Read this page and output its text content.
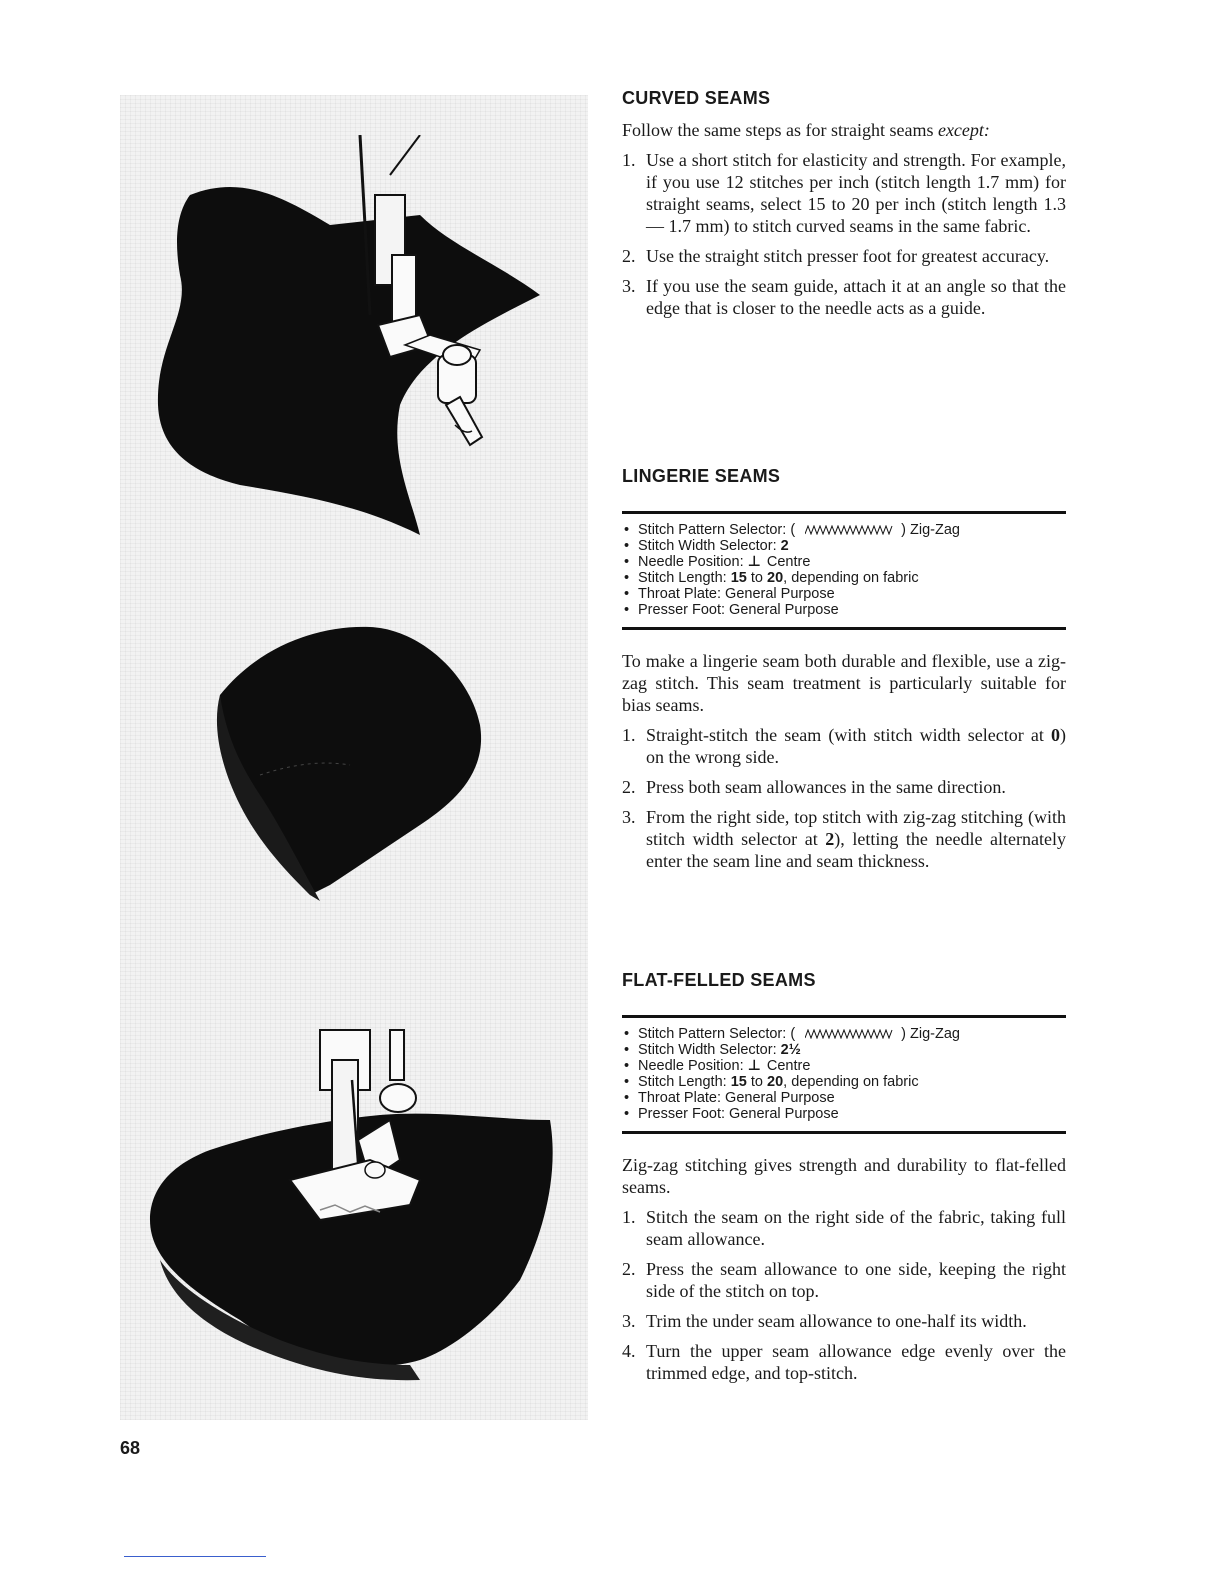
68
CURVED SEAMS

Follow the same steps as for straight seams except:

1. Use a short stitch for elasticity and strength. For example, if you use 12 stitches per inch (stitch length 1.7 mm) for straight seams, select 15 to 20 per inch (stitch length 1.3 — 1.7 mm) to stitch curved seams in the same fabric.
2. Use the straight stitch presser foot for greatest accuracy.
3. If you use the seam guide, attach it at an angle so that the edge that is closer to the needle acts as a guide.
LINGERIE SEAMS
• Stitch Pattern Selector: (	) Zig-Zag
• Stitch Width Selector: 2
• Needle Position: ⊥ Centre
• Stitch Length: 15 to 20, depending on fabric
• Throat Plate: General Purpose
• Presser Foot: General Purpose

To make a lingerie seam both durable and flexible, use a zig-zag stitch. This seam treatment is particularly suitable for bias seams.

1. Straight-stitch the seam (with stitch width selector at 0) on the wrong side.
2. Press both seam allowances in the same direction.
3. From the right side, top stitch with zig-zag stitching (with stitch width selector at 2), letting the needle alternately enter the seam line and seam thickness.
FLAT-FELLED SEAMS
• Stitch Pattern Selector: (	) Zig-Zag
• Stitch Width Selector: 2½
• Needle Position: ⊥ Centre
• Stitch Length: 15 to 20, depending on fabric
• Throat Plate: General Purpose
• Presser Foot: General Purpose

Zig-zag stitching gives strength and durability to flat-felled seams.

1. Stitch the seam on the right side of the fabric, taking full seam allowance.
2. Press the seam allowance to one side, keeping the right side of the stitch on top.
3. Trim the under seam allowance to one-half its width.
4. Turn the upper seam allowance edge evenly over the trimmed edge, and top-stitch.
